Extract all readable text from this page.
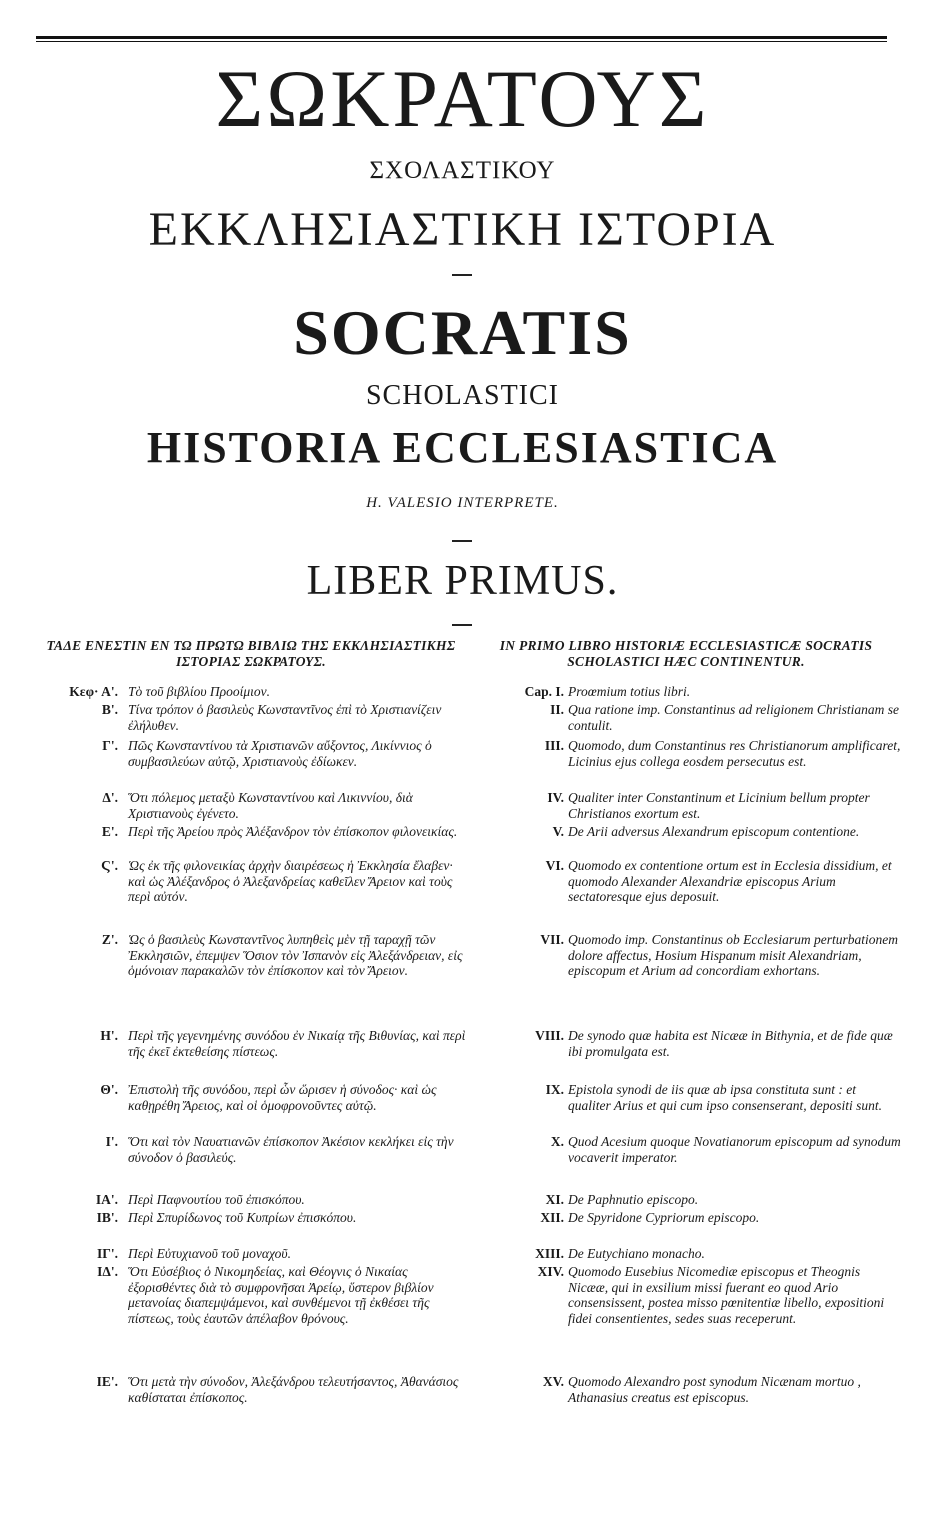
ΣΩΚΡΑΤΟΥΣ
ΣΧΟΛΑΣΤΙΚΟΥ
ΕΚΚΛΗΣΙΑΣΤΙΚΗ ΙΣΤΟΡΙΑ
SOCRATIS
SCHOLASTICI
HISTORIA ECCLESIASTICA
H. VALESIO INTERPRETE.
LIBER PRIMUS.
ΤΑΔΕ ΕΝΕΣΤΙΝ ΕΝ ΤΩ ΠΡΩΤΩ ΒΙΒΛΙΩ ΤΗΣ ΕΚΚΛΗΣΙΑΣΤΙΚΗΣ ΙΣΤΟΡΙΑΣ ΣΩΚΡΑΤΟΥΣ.
Κεφ· Α'. Τὸ τοῦ βιβλίου Προοίμιον.
Β'. Τίνα τρόπον ὁ βασιλεὺς Κωνσταντῖνος ἐπὶ τὸ Χριστιανίζειν ἐλήλυθεν.
Γ'. Πῶς Κωνσταντίνου τὰ Χριστιανῶν αὔξοντος, Λικίννιος ὁ συμβασιλεύων αὐτῷ, Χριστιανοὺς ἐδίωκεν.
Δ'. Ὅτι πόλεμος μεταξὺ Κωνσταντίνου καὶ Λικιννίου, διὰ Χριστιανοὺς ἐγένετο.
Ε'. Περὶ τῆς Ἀρείου πρὸς Ἀλέξανδρον τὸν ἐπίσκοπον φιλονεικίας.
Ϛ'. Ὡς ἐκ τῆς φιλονεικίας ἀρχὴν διαιρέσεως ἡ Ἐκκλησία ἔλαβεν· καὶ ὡς Ἀλέξανδρος ὁ Ἀλεξανδρείας καθεῖλεν Ἄρειον καὶ τοὺς περὶ αὐτόν.
Ζ'. Ὡς ὁ βασιλεὺς Κωνσταντῖνος λυπηθεὶς μὲν τῇ ταραχῇ τῶν Ἐκκλησιῶν, ἐπεμψεν Ὅσιον τὸν Ἰσπανὸν εἰς Ἀλεξάνδρειαν, εἰς ὁμόνοιαν παρακαλῶν τὸν ἐπίσκοπον καὶ τὸν Ἄρειον.
Η'. Περὶ τῆς γεγενημένης συνόδου ἐν Νικαίᾳ τῆς Βιθυνίας, καὶ περὶ τῆς ἐκεῖ ἐκτεθείσης πίστεως.
Θ'. Ἐπιστολὴ τῆς συνόδου, περὶ ὧν ὥρισεν ἡ σύνοδος· καὶ ὡς καθῃρέθη Ἄρειος, καὶ οἱ ὁμοφρονοῦντες αὐτῷ.
Ι'. Ὅτι καὶ τὸν Ναυατιανῶν ἐπίσκοπον Ἀκέσιον κεκλήκει εἰς τὴν σύνοδον ὁ βασιλεύς.
ΙΑ'. Περὶ Παφνουτίου τοῦ ἐπισκόπου.
ΙΒ'. Περὶ Σπυρίδωνος τοῦ Κυπρίων ἐπισκόπου.
ΙΓ'. Περὶ Εὐτυχιανοῦ τοῦ μοναχοῦ.
ΙΔ'. Ὅτι Εὐσέβιος ὁ Νικομηδείας, καὶ Θέογνις ὁ Νικαίας ἐξορισθέντες διὰ τὸ συμφρονῆσαι Ἀρείῳ, ὕστερον βιβλίον μετανοίας διαπεμψάμενοι, καὶ συνθέμενοι τῇ ἐκθέσει τῆς πίστεως, τοὺς ἑαυτῶν ἀπέλαβον θρόνους.
ΙΕ'. Ὅτι μετὰ τὴν σύνοδον, Ἀλεξάνδρου τελευτήσαντος, Ἀθανάσιος καθίσταται ἐπίσκοπος.
IN PRIMO LIBRO HISTORIÆ ECCLESIASTICÆ SOCRATIS SCHOLASTICI HÆC CONTINENTUR.
Cap. I. Proœmium totius libri.
II. Qua ratione imp. Constantinus ad religionem Christianam se contulit.
III. Quomodo, dum Constantinus res Christianorum amplificaret, Licinius ejus collega eosdem persecutus est.
IV. Qualiter inter Constantinum et Licinium bellum propter Christianos exortum est.
V. De Arii adversus Alexandrum episcopum contentione.
VI. Quomodo ex contentione ortum est in Ecclesia dissidium, et quomodo Alexander Alexandriæ episcopus Arium sectatoresque ejus deposuit.
VII. Quomodo imp. Constantinus ob Ecclesiarum perturbationem dolore affectus, Hosium Hispanum misit Alexandriam, episcopum et Arium ad concordiam exhortans.
VIII. De synodo quæ habita est Nicææ in Bithynia, et de fide quæ ibi promulgata est.
IX. Epistola synodi de iis quæ ab ipsa constituta sunt : et qualiter Arius et qui cum ipso consenserant, depositi sunt.
X. Quod Acesium quoque Novatianorum episcopum ad synodum vocaverit imperator.
XI. De Paphnutio episcopo.
XII. De Spyridone Cypriorum episcopo.
XIII. De Eutychiano monacho.
XIV. Quomodo Eusebius Nicomediæ episcopus et Theognis Nicææ, qui in exsilium missi fuerant eo quod Ario consensissent, postea misso pœnitentiæ libello, expositioni fidei consentientes, sedes suas receperunt.
XV. Quomodo Alexandro post synodum Nicænam mortuo , Athanasius creatus est episcopus.
